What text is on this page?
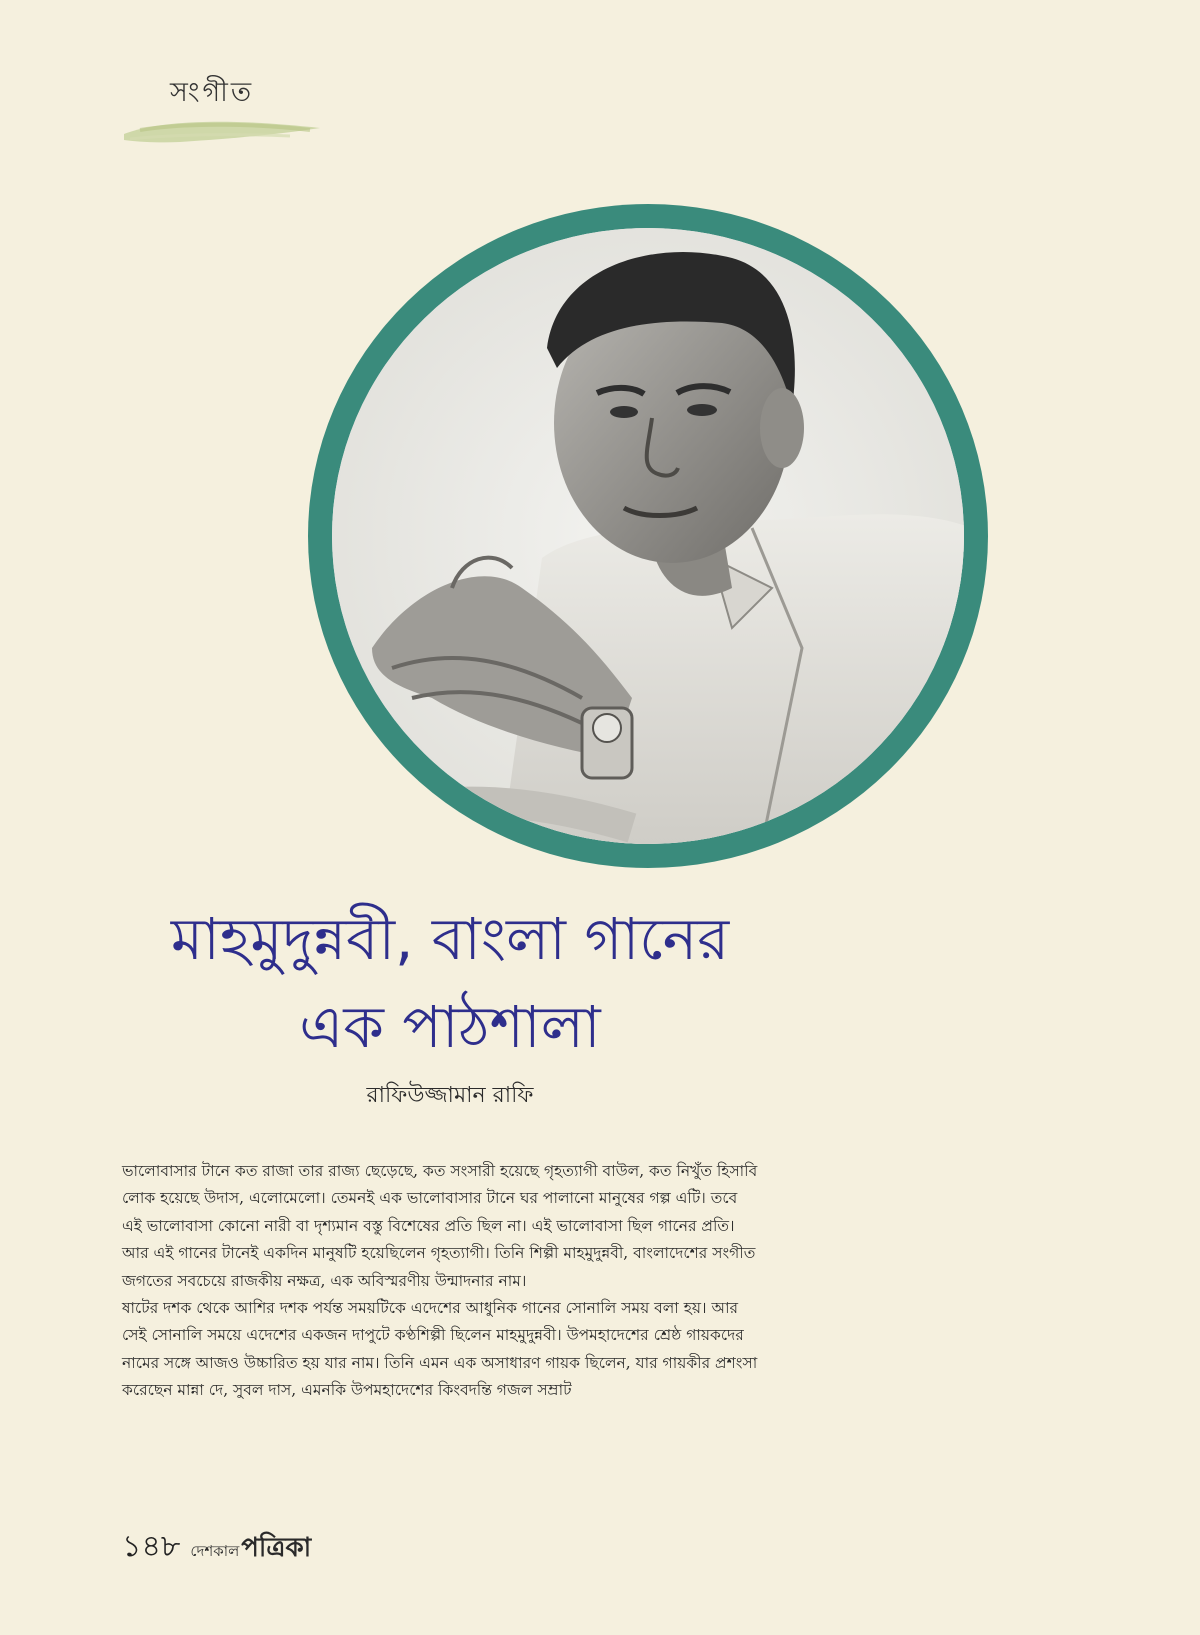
সংগীত
মাহমুদুন্নবী, বাংলা গানের
এক পাঠশালা
রাফিউজ্জামান রাফি

ভালোবাসার টানে কত রাজা তার রাজ্য ছেড়েছে, কত সংসারী হয়েছে গৃহত্যাগী বাউল, কত নিখুঁত হিসাবি লোক হয়েছে উদাস, এলোমেলো। তেমনই এক ভালোবাসার টানে ঘর পালানো মানুষের গল্প এটি। তবে এই ভালোবাসা কোনো নারী বা দৃশ্যমান বস্তু বিশেষের প্রতি ছিল না। এই ভালোবাসা ছিল গানের প্রতি। আর এই গানের টানেই একদিন মানুষটি হয়েছিলেন গৃহত্যাগী। তিনি শিল্পী মাহমুদুন্নবী, বাংলাদেশের সংগীত জগতের সবচেয়ে রাজকীয় নক্ষত্র, এক অবিস্মরণীয় উন্মাদনার নাম।

ষাটের দশক থেকে আশির দশক পর্যন্ত সময়টিকে এদেশের আধুনিক গানের সোনালি সময় বলা হয়। আর সেই সোনালি সময়ে এদেশের একজন দাপুটে কণ্ঠশিল্পী ছিলেন মাহমুদুন্নবী। উপমহাদেশের শ্রেষ্ঠ গায়কদের নামের সঙ্গে আজও উচ্চারিত হয় যার নাম। তিনি এমন এক অসাধারণ গায়ক ছিলেন, যার গায়কীর প্রশংসা করেছেন মান্না দে, সুবল দাস, এমনকি উপমহাদেশের কিংবদন্তি গজল সম্রাট

১৪৮ দেশকাল পত্রিকা
